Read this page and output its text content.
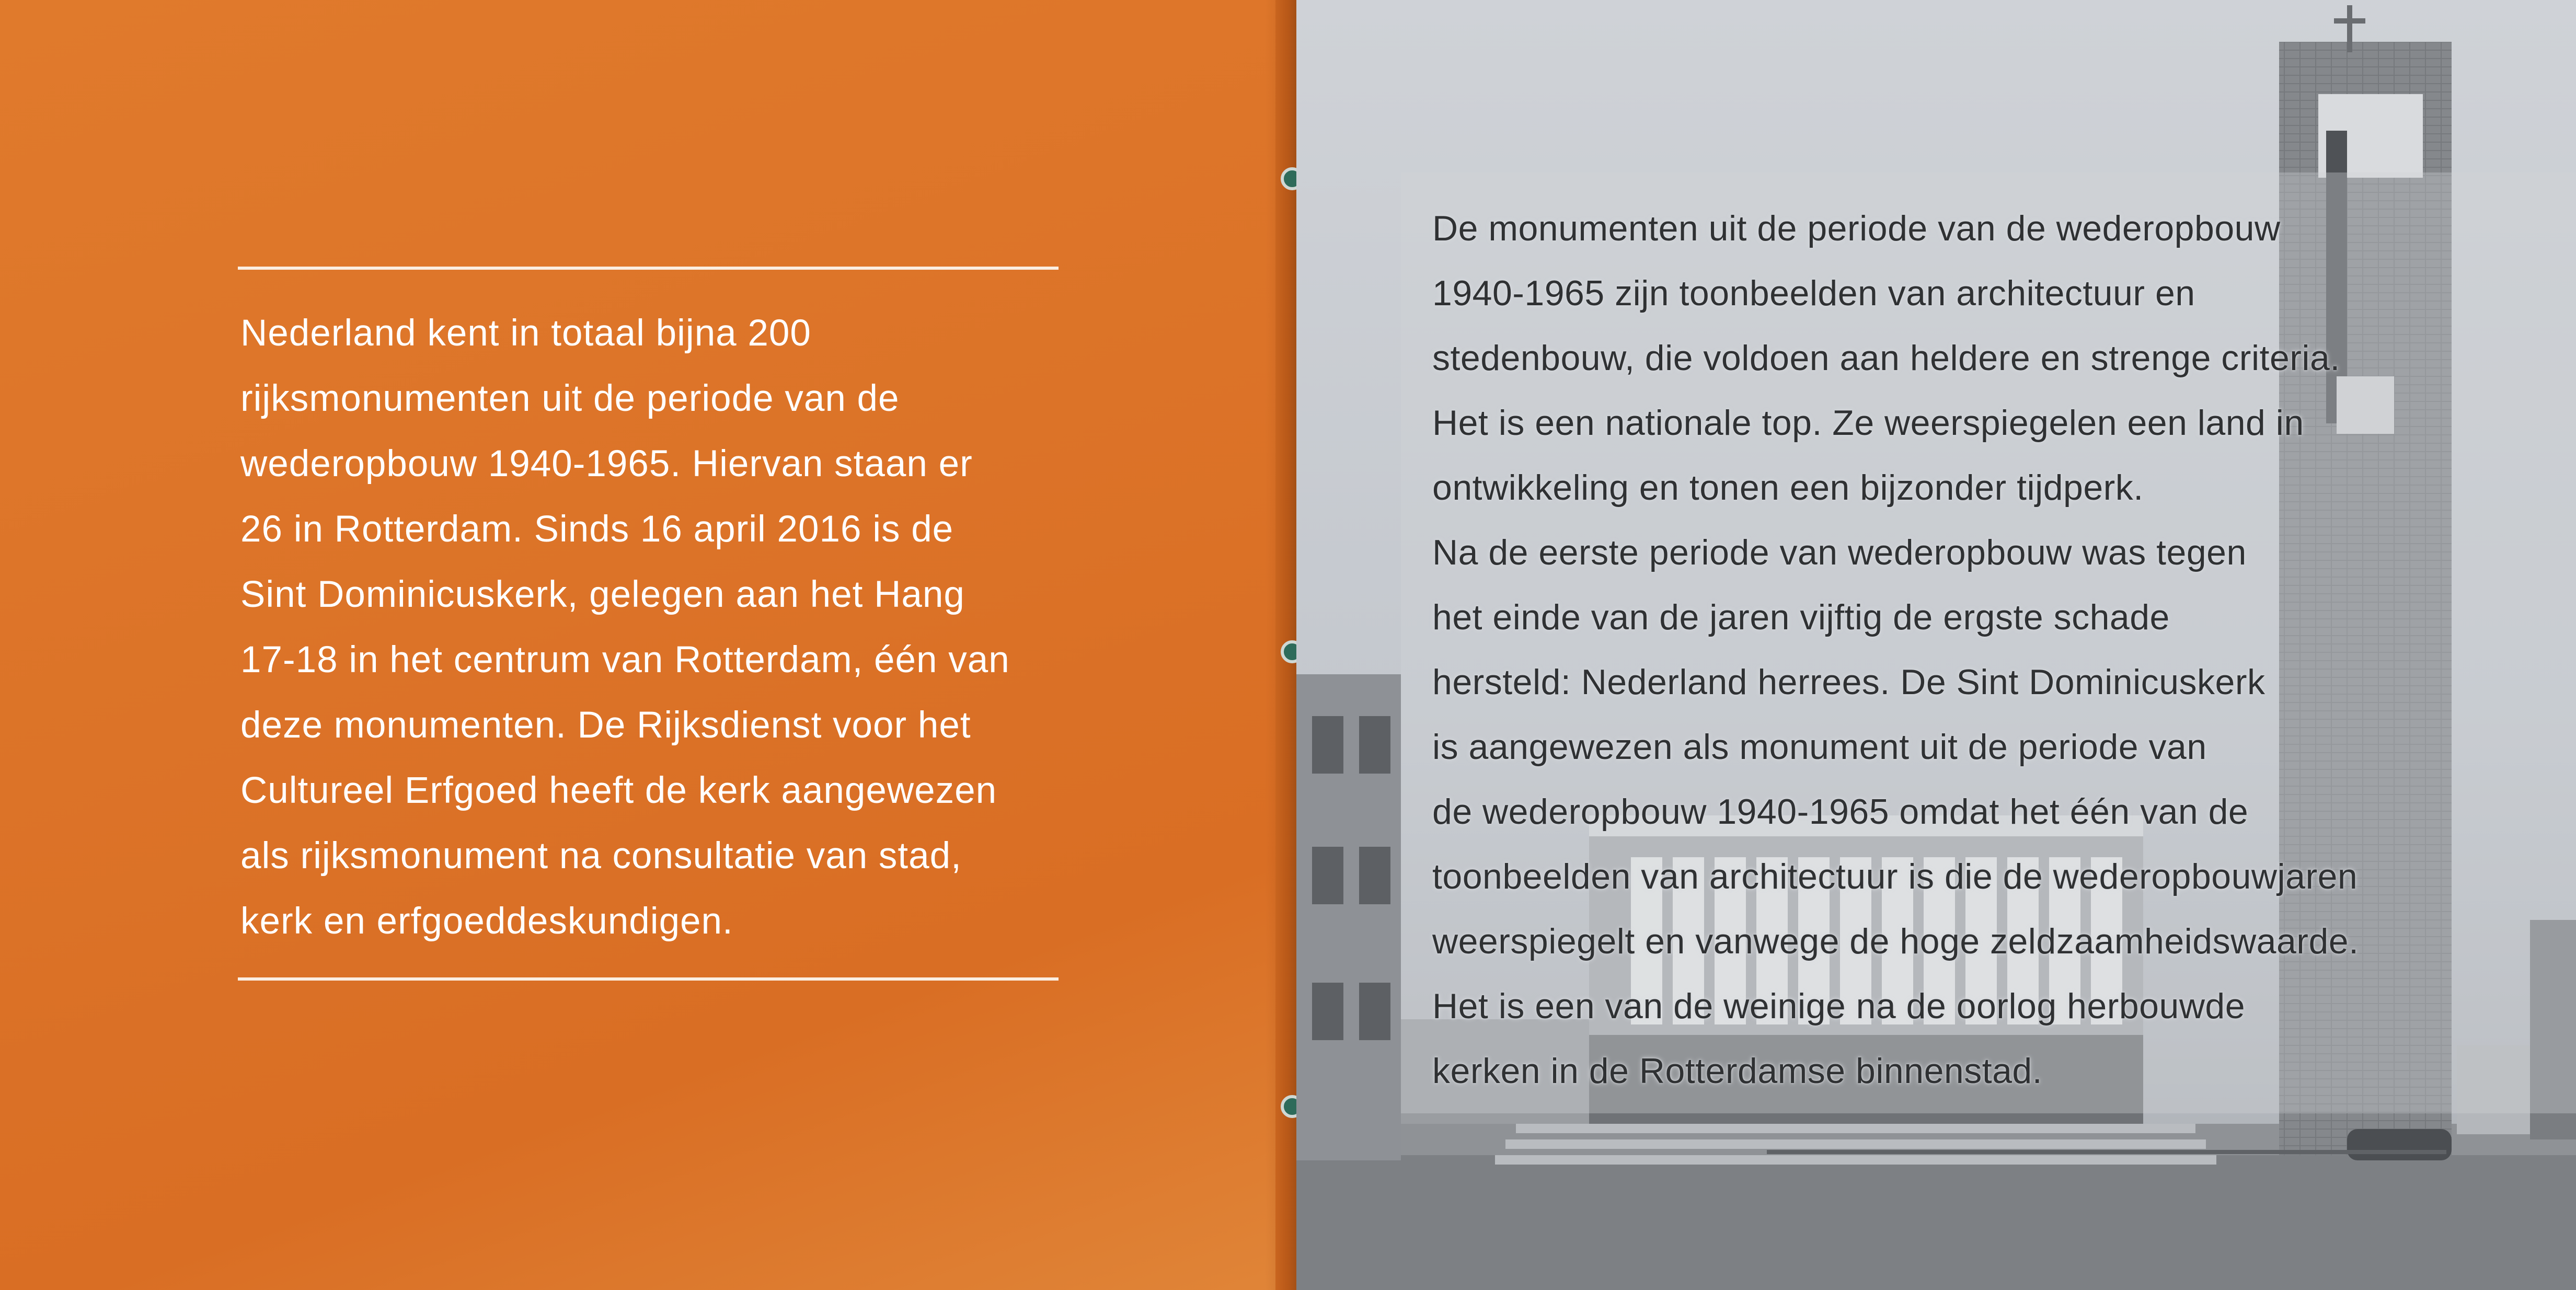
Nederland kent in totaal bijna 200
rijksmonumenten uit de periode van de
wederopbouw 1940-1965. Hiervan staan er
26 in Rotterdam. Sinds 16 april 2016 is de
Sint Dominicuskerk, gelegen aan het Hang
17-18 in het centrum van Rotterdam, één van
deze monumenten. De Rijksdienst voor het
Cultureel Erfgoed heeft de kerk aangewezen
als rijksmonument na consultatie van stad,
kerk en erfgoeddeskundigen.

De monumenten uit de periode van de wederopbouw
1940-1965 zijn toonbeelden van architectuur en
stedenbouw, die voldoen aan heldere en strenge criteria.
Het is een nationale top. Ze weerspiegelen een land in
ontwikkeling en tonen een bijzonder tijdperk.
Na de eerste periode van wederopbouw was tegen
het einde van de jaren vijftig de ergste schade
hersteld: Nederland herrees. De Sint Dominicuskerk
is aangewezen als monument uit de periode van
de wederopbouw 1940-1965 omdat het één van de
toonbeelden van architectuur is die de wederopbouwjaren
weerspiegelt en vanwege de hoge zeldzaamheidswaarde.
Het is een van de weinige na de oorlog herbouwde
kerken in de Rotterdamse binnenstad.
